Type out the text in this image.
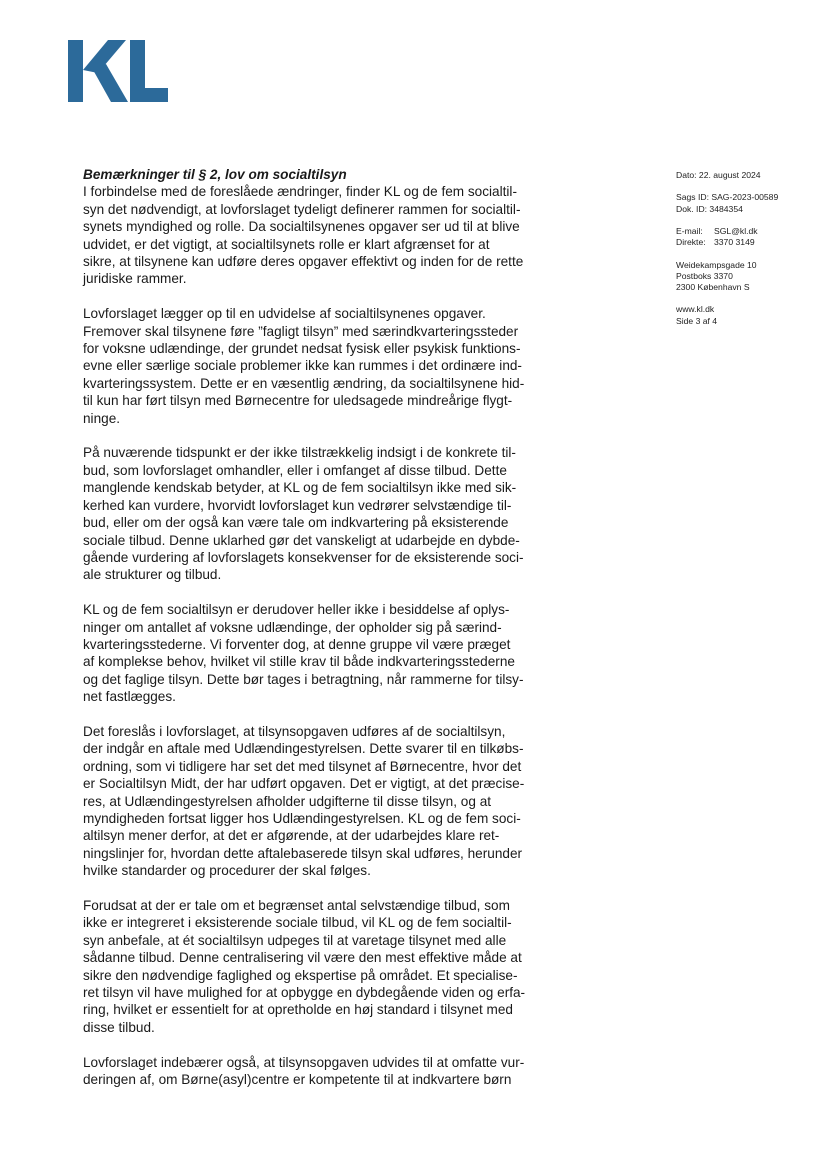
Bemærkninger til § 2, lov om socialtilsyn

I forbindelse med de foreslåede ændringer, finder KL og de fem socialtil-
syn det nødvendigt, at lovforslaget tydeligt definerer rammen for socialtil-
synets myndighed og rolle. Da socialtilsynenes opgaver ser ud til at blive
udvidet, er det vigtigt, at socialtilsynets rolle er klart afgrænset for at
sikre, at tilsynene kan udføre deres opgaver effektivt og inden for de rette
juridiske rammer.

Lovforslaget lægger op til en udvidelse af socialtilsynenes opgaver.
Fremover skal tilsynene føre ”fagligt tilsyn” med særindkvarteringssteder
for voksne udlændinge, der grundet nedsat fysisk eller psykisk funktions-
evne eller særlige sociale problemer ikke kan rummes i det ordinære ind-
kvarteringssystem. Dette er en væsentlig ændring, da socialtilsynene hid-
til kun har ført tilsyn med Børnecentre for uledsagede mindreårige flygt-
ninge.

På nuværende tidspunkt er der ikke tilstrækkelig indsigt i de konkrete til-
bud, som lovforslaget omhandler, eller i omfanget af disse tilbud. Dette
manglende kendskab betyder, at KL og de fem socialtilsyn ikke med sik-
kerhed kan vurdere, hvorvidt lovforslaget kun vedrører selvstændige til-
bud, eller om der også kan være tale om indkvartering på eksisterende
sociale tilbud. Denne uklarhed gør det vanskeligt at udarbejde en dybde-
gående vurdering af lovforslagets konsekvenser for de eksisterende soci-
ale strukturer og tilbud.

KL og de fem socialtilsyn er derudover heller ikke i besiddelse af oplys-
ninger om antallet af voksne udlændinge, der opholder sig på særind-
kvarteringsstederne. Vi forventer dog, at denne gruppe vil være præget
af komplekse behov, hvilket vil stille krav til både indkvarteringsstederne
og det faglige tilsyn. Dette bør tages i betragtning, når rammerne for tilsy-
net fastlægges.

Det foreslås i lovforslaget, at tilsynsopgaven udføres af de socialtilsyn,
der indgår en aftale med Udlændingestyrelsen. Dette svarer til en tilkøbs-
ordning, som vi tidligere har set det med tilsynet af Børnecentre, hvor det
er Socialtilsyn Midt, der har udført opgaven. Det er vigtigt, at det præcise-
res, at Udlændingestyrelsen afholder udgifterne til disse tilsyn, og at
myndigheden fortsat ligger hos Udlændingestyrelsen. KL og de fem soci-
altilsyn mener derfor, at det er afgørende, at der udarbejdes klare ret-
ningslinjer for, hvordan dette aftalebaserede tilsyn skal udføres, herunder
hvilke standarder og procedurer der skal følges.

Forudsat at der er tale om et begrænset antal selvstændige tilbud, som
ikke er integreret i eksisterende sociale tilbud, vil KL og de fem socialtil-
syn anbefale, at ét socialtilsyn udpeges til at varetage tilsynet med alle
sådanne tilbud. Denne centralisering vil være den mest effektive måde at
sikre den nødvendige faglighed og ekspertise på området. Et specialise-
ret tilsyn vil have mulighed for at opbygge en dybdegående viden og erfa-
ring, hvilket er essentielt for at opretholde en høj standard i tilsynet med
disse tilbud.

Lovforslaget indebærer også, at tilsynsopgaven udvides til at omfatte vur-
deringen af, om Børne(asyl)centre er kompetente til at indkvartere børn

Dato: 22. august 2024
Sags ID: SAG-2023-00589
Dok. ID: 3484354
E-mail: SGL@kl.dk
Direkte: 3370 3149
Weidekampsgade 10
Postboks 3370
2300 København S
www.kl.dk
Side 3 af 4
